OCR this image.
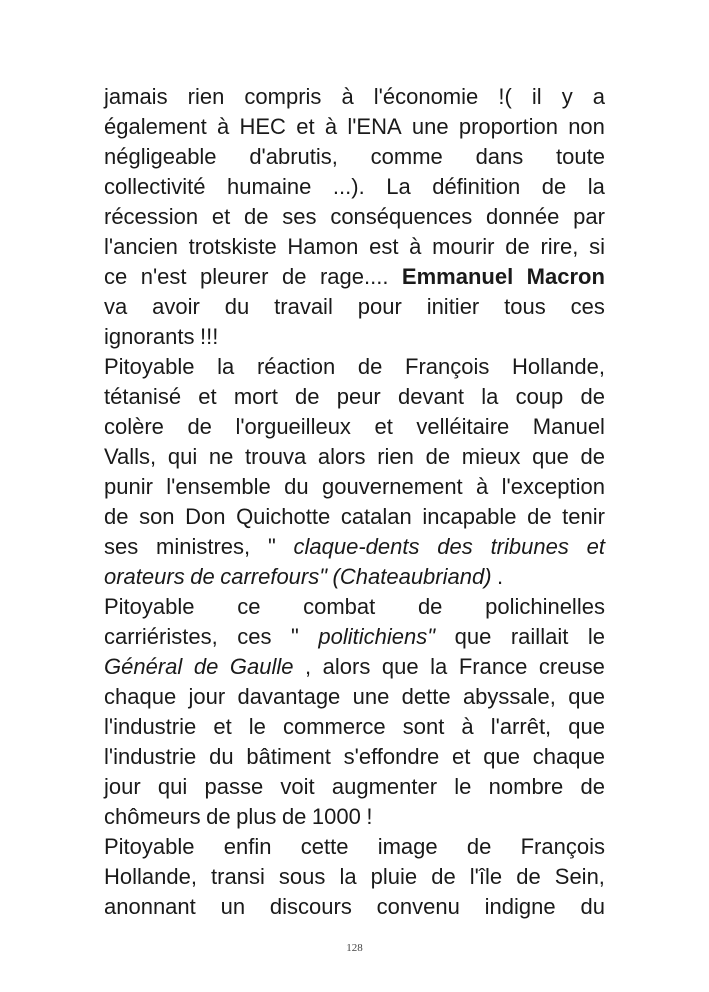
jamais rien compris à l'économie !( il y a
également à HEC et à l'ENA une proportion non
négligeable d'abrutis, comme dans toute
collectivité humaine ...). La définition de la
récession et de ses conséquences donnée par
l'ancien trotskiste Hamon est à mourir de rire, si
ce n'est pleurer de rage.... Emmanuel Macron
va avoir du travail pour initier tous ces
ignorants !!!
Pitoyable la réaction de François Hollande,
tétanisé et mort de peur devant la coup de
colère de l'orgueilleux et velléitaire Manuel
Valls, qui ne trouva alors rien de mieux que de
punir l'ensemble du gouvernement à l'exception
de son Don Quichotte catalan incapable de tenir
ses ministres, " claque-dents des tribunes et
orateurs de carrefours" (Chateaubriand) .
Pitoyable ce combat de polichinelles
carriéristes, ces " politichiens" que raillait le
Général de Gaulle , alors que la France creuse
chaque jour davantage une dette abyssale, que
l'industrie et le commerce sont à l'arrêt, que
l'industrie du bâtiment s'effondre et que chaque
jour qui passe voit augmenter le nombre de
chômeurs de plus de 1000 !
Pitoyable enfin cette image de François
Hollande, transi sous la pluie de l'île de Sein,
anonnant un discours convenu indigne du
128
